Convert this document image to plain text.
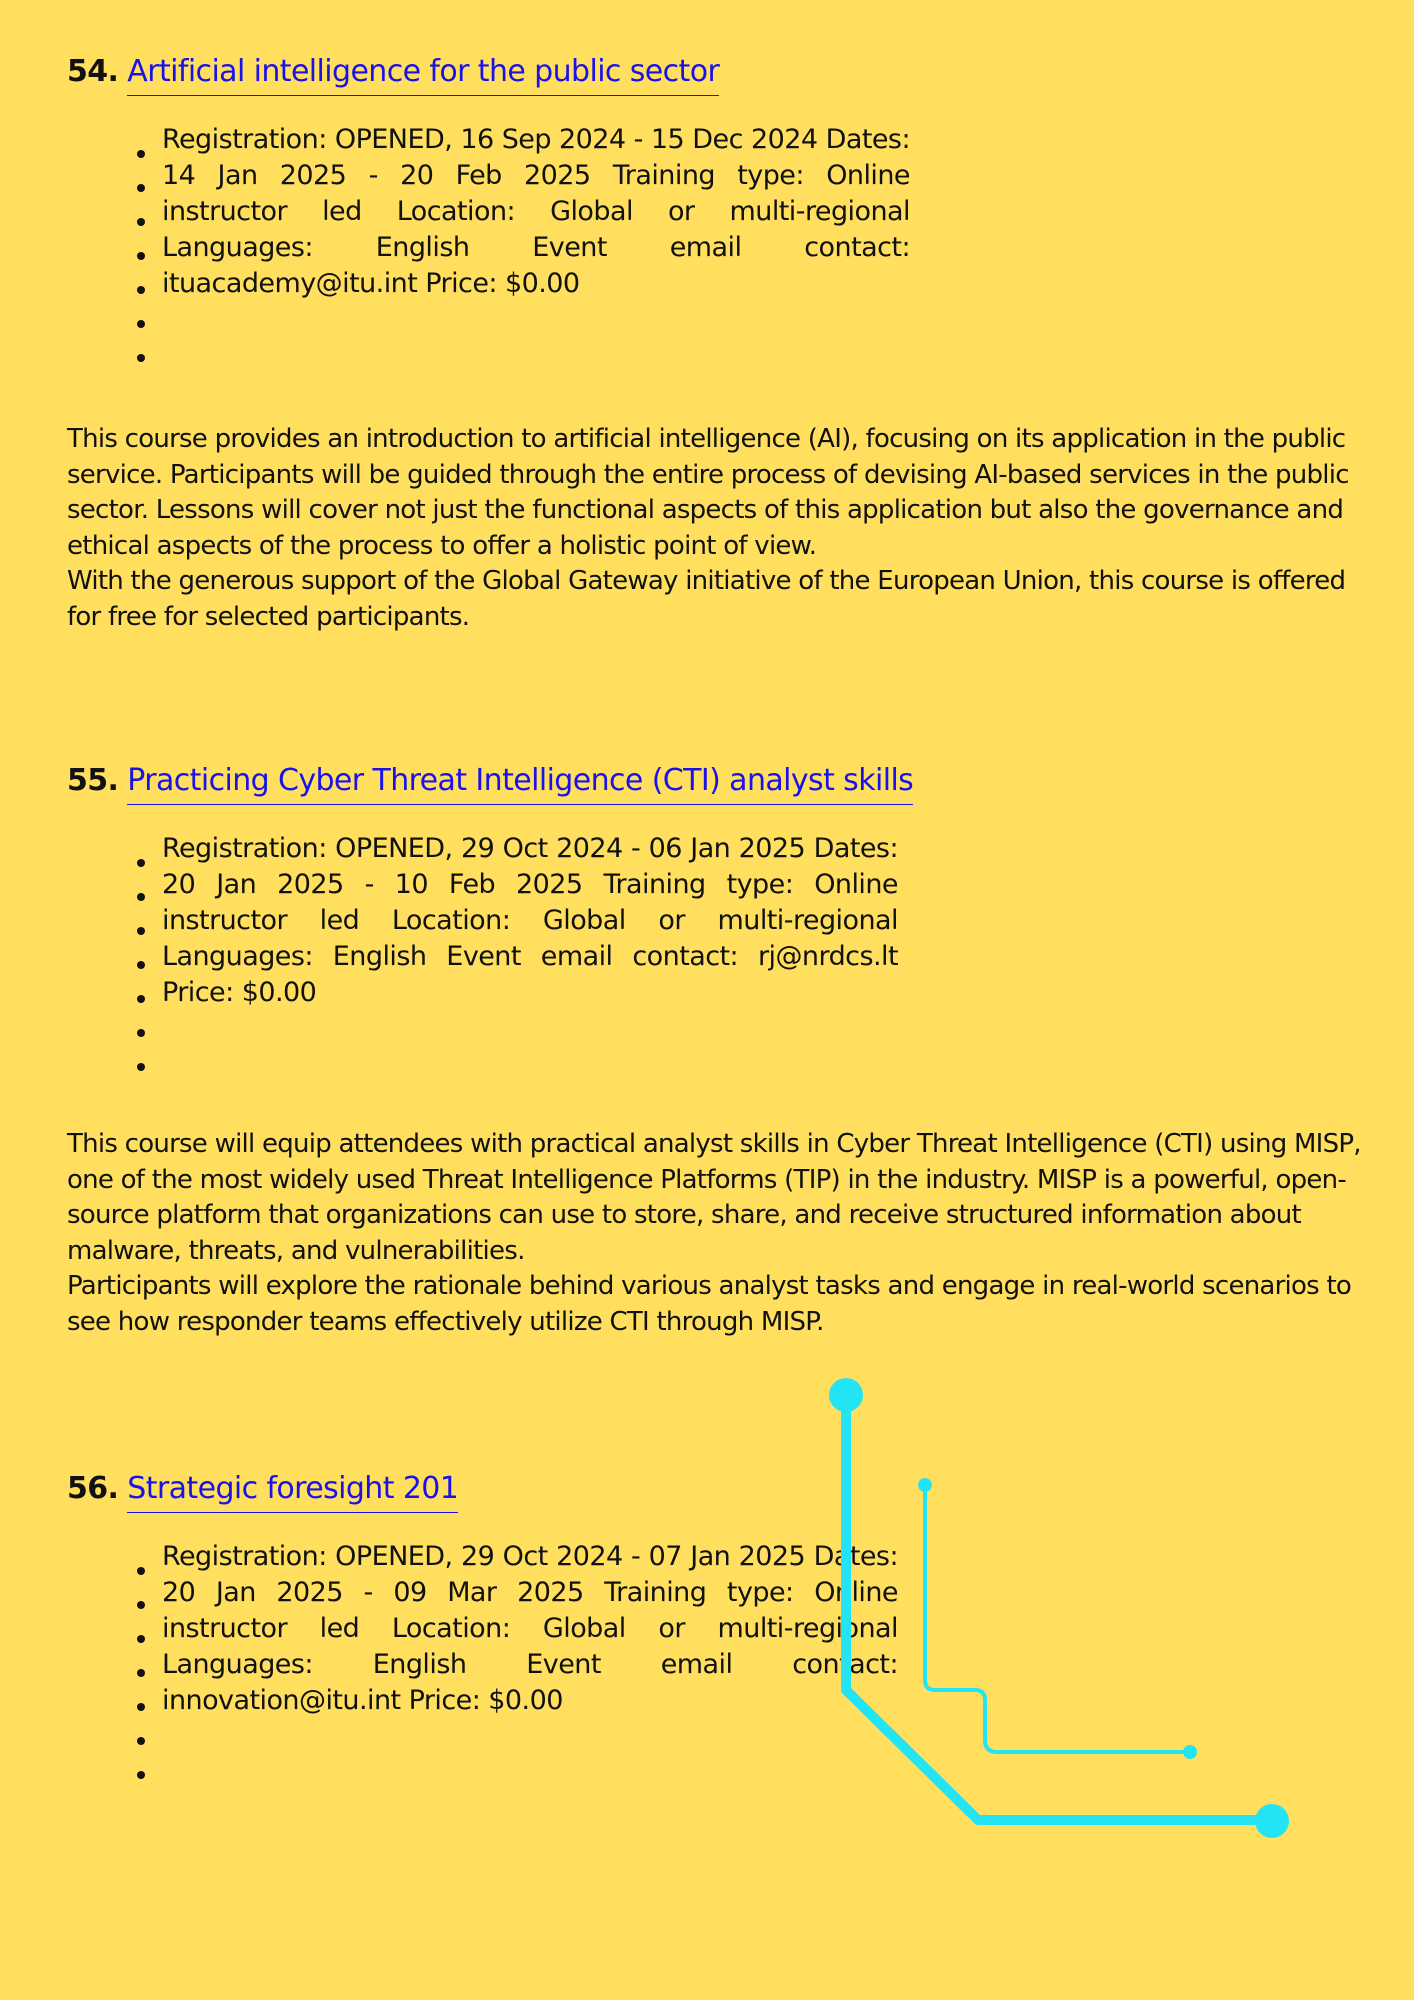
54. Artificial intelligence for the public sector
Registration: OPENED, 16 Sep 2024 - 15 Dec 2024 Dates: 14 Jan 2025 - 20 Feb 2025 Training type: Online instructor led Location: Global or multi-regional Languages: English Event email contact: ituacademy@itu.int Price: $0.00

This course provides an introduction to artificial intelligence (AI), focusing on its application in the public service. Participants will be guided through the entire process of devising AI-based services in the public sector. Lessons will cover not just the functional aspects of this application but also the governance and ethical aspects of the process to offer a holistic point of view.

With the generous support of the Global Gateway initiative of the European Union, this course is offered for free for selected participants.

55. Practicing Cyber Threat Intelligence (CTI) analyst skills
Registration: OPENED, 29 Oct 2024 - 06 Jan 2025 Dates: 20 Jan 2025 - 10 Feb 2025 Training type: Online instructor led Location: Global or multi-regional Languages: English Event email contact: rj@nrdcs.lt Price: $0.00

This course will equip attendees with practical analyst skills in Cyber Threat Intelligence (CTI) using MISP, one of the most widely used Threat Intelligence Platforms (TIP) in the industry. MISP is a powerful, open-source platform that organizations can use to store, share, and receive structured information about malware, threats, and vulnerabilities.

Participants will explore the rationale behind various analyst tasks and engage in real-world scenarios to see how responder teams effectively utilize CTI through MISP.

56. Strategic foresight 201
Registration: OPENED, 29 Oct 2024 - 07 Jan 2025 Dates: 20 Jan 2025 - 09 Mar 2025 Training type: Online instructor led Location: Global or multi-regional Languages: English Event email contact: innovation@itu.int Price: $0.00
